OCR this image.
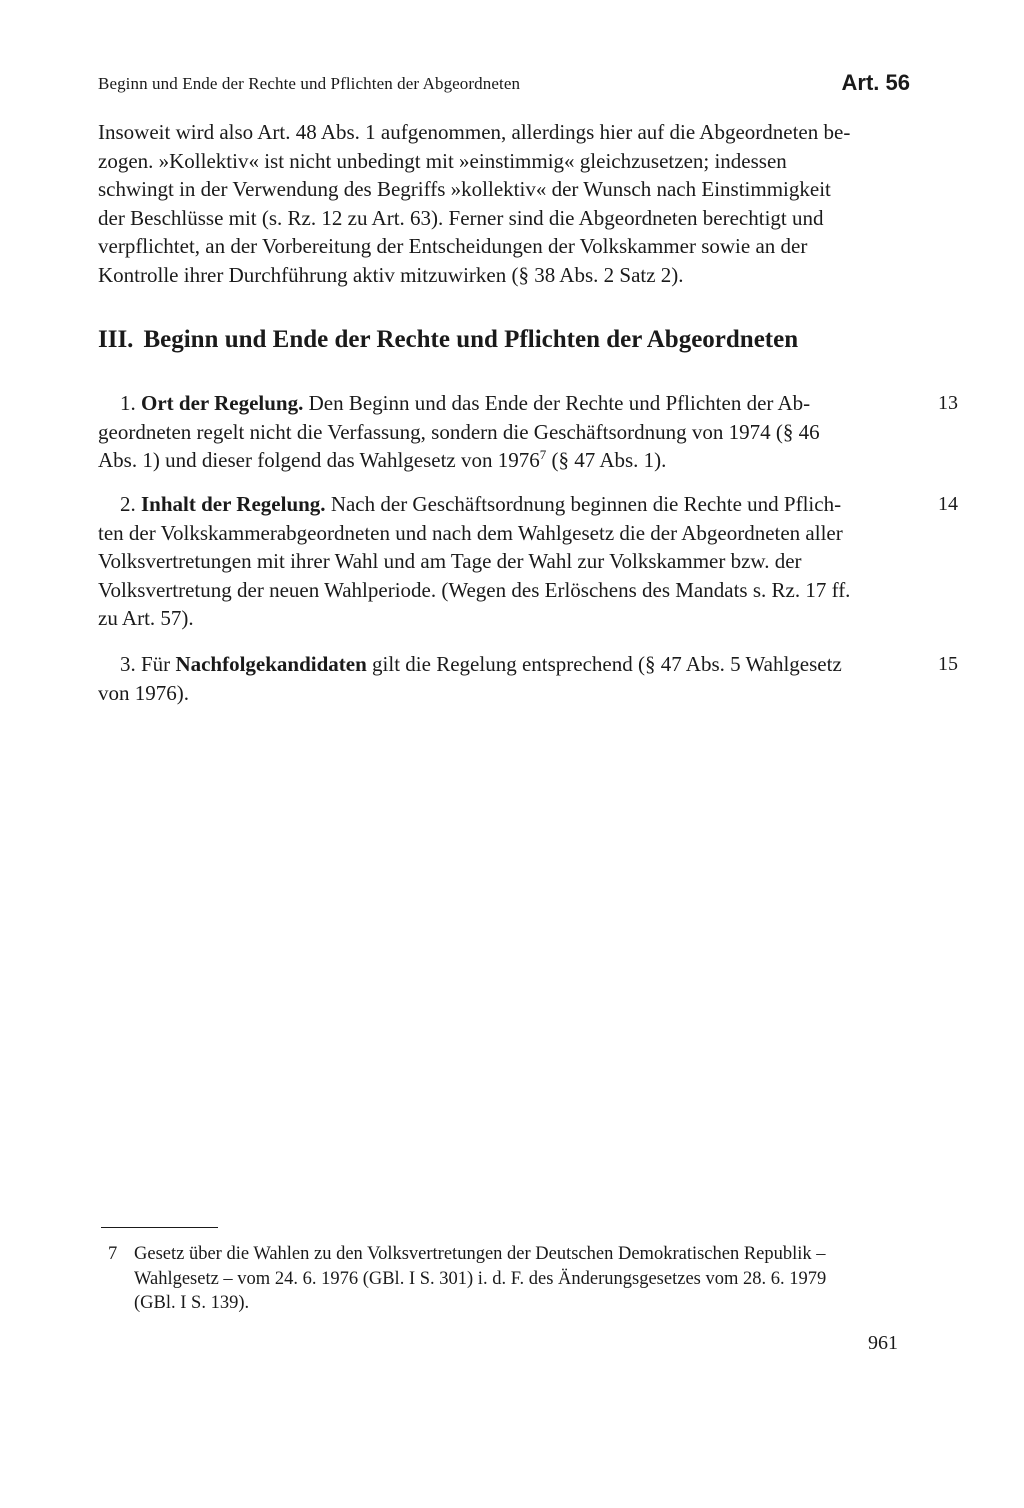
Beginn und Ende der Rechte und Pflichten der Abgeordneten	Art. 56

Insoweit wird also Art. 48 Abs. 1 aufgenommen, allerdings hier auf die Abgeordneten be-
zogen. »Kollektiv« ist nicht unbedingt mit »einstimmig« gleichzusetzen; indessen
schwingt in der Verwendung des Begriffs »kollektiv« der Wunsch nach Einstimmigkeit
der Beschlüsse mit (s. Rz. 12 zu Art. 63). Ferner sind die Abgeordneten berechtigt und
verpflichtet, an der Vorbereitung der Entscheidungen der Volkskammer sowie an der
Kontrolle ihrer Durchführung aktiv mitzuwirken (§ 38 Abs. 2 Satz 2).

III. Beginn und Ende der Rechte und Pflichten der Abgeordneten

1. Ort der Regelung. Den Beginn und das Ende der Rechte und Pflichten der Ab-
geordneten regelt nicht die Verfassung, sondern die Geschäftsordnung von 1974 (§ 46
Abs. 1) und dieser folgend das Wahlgesetz von 1976$^7$ (§ 47 Abs. 1).

13

2. Inhalt der Regelung. Nach der Geschäftsordnung beginnen die Rechte und Pflich-
ten der Volkskammerabgeordneten und nach dem Wahlgesetz die der Abgeordneten aller
Volksvertretungen mit ihrer Wahl und am Tage der Wahl zur Volkskammer bzw. der
Volksvertretung der neuen Wahlperiode. (Wegen des Erlöschens des Mandats s. Rz. 17 ff.
zu Art. 57).

14

3. Für Nachfolgekandidaten gilt die Regelung entsprechend (§ 47 Abs. 5 Wahlgesetz
von 1976).

15

7 Gesetz über die Wahlen zu den Volksvertretungen der Deutschen Demokratischen Republik –
Wahlgesetz – vom 24. 6. 1976 (GBl. I S. 301) i. d. F. des Änderungsgesetzes vom 28. 6. 1979
(GBl. I S. 139).

961
